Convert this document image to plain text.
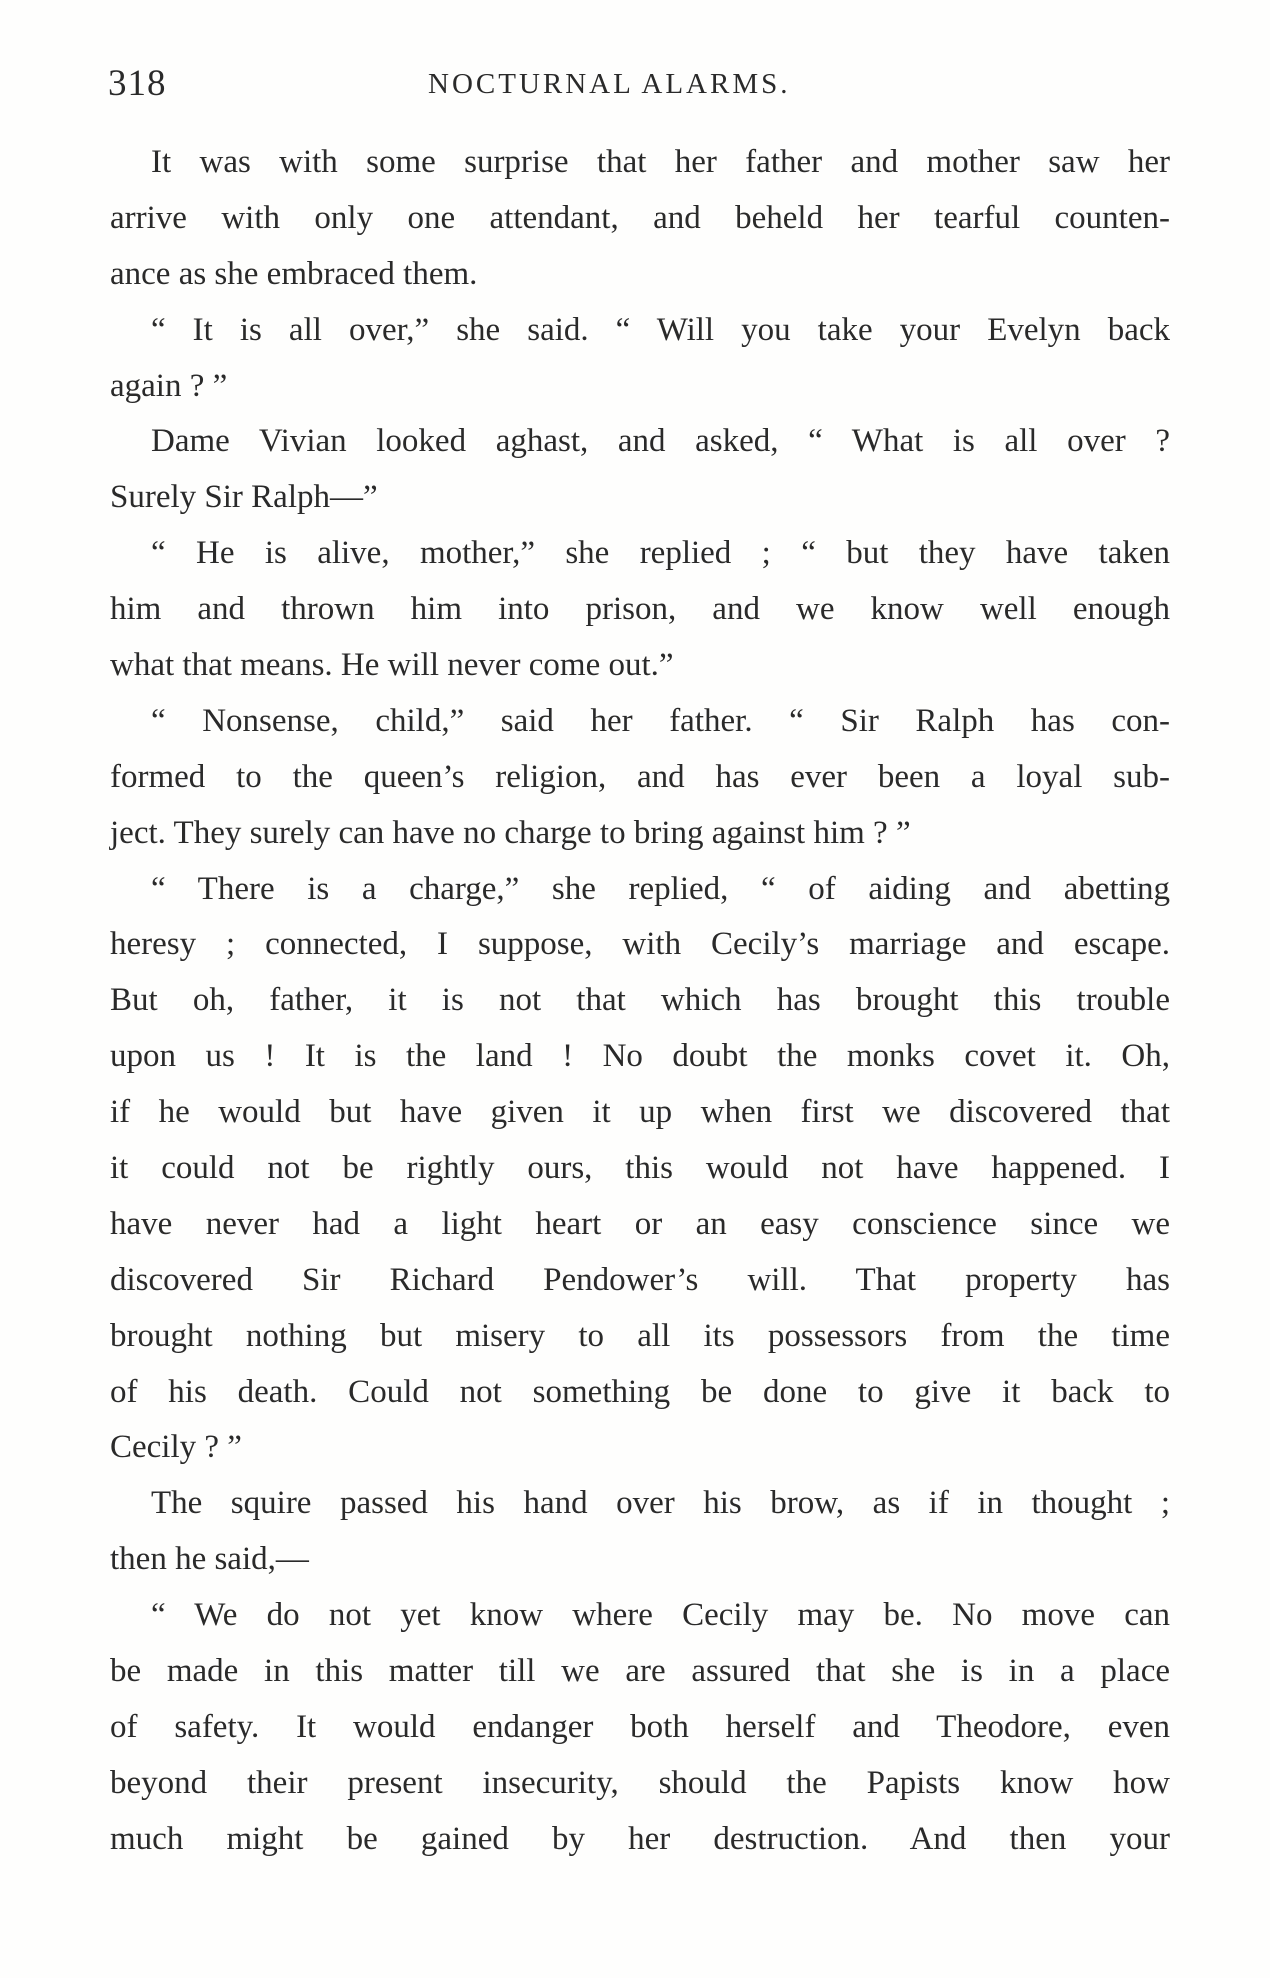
318	NOCTURNAL ALARMS.
It was with some surprise that her father and mother saw her
arrive with only one attendant, and beheld her tearful counten-
ance as she embraced them.
“ It is all over,” she said. “ Will you take your Evelyn back
again ? ”
Dame Vivian looked aghast, and asked, “ What is all over ?
Surely Sir Ralph—”
“ He is alive, mother,” she replied ; “ but they have taken
him and thrown him into prison, and we know well enough
what that means. He will never come out.”
“ Nonsense, child,” said her father. “ Sir Ralph has con-
formed to the queen’s religion, and has ever been a loyal sub-
ject. They surely can have no charge to bring against him ? ”
“ There is a charge,” she replied, “ of aiding and abetting
heresy ; connected, I suppose, with Cecily’s marriage and escape.
But oh, father, it is not that which has brought this trouble
upon us ! It is the land ! No doubt the monks covet it. Oh,
if he would but have given it up when first we discovered that
it could not be rightly ours, this would not have happened. I
have never had a light heart or an easy conscience since we
discovered Sir Richard Pendower’s will. That property has
brought nothing but misery to all its possessors from the time
of his death. Could not something be done to give it back to
Cecily ? ”
The squire passed his hand over his brow, as if in thought ;
then he said,—
“ We do not yet know where Cecily may be. No move can
be made in this matter till we are assured that she is in a place
of safety. It would endanger both herself and Theodore, even
beyond their present insecurity, should the Papists know how
much might be gained by her destruction. And then your
